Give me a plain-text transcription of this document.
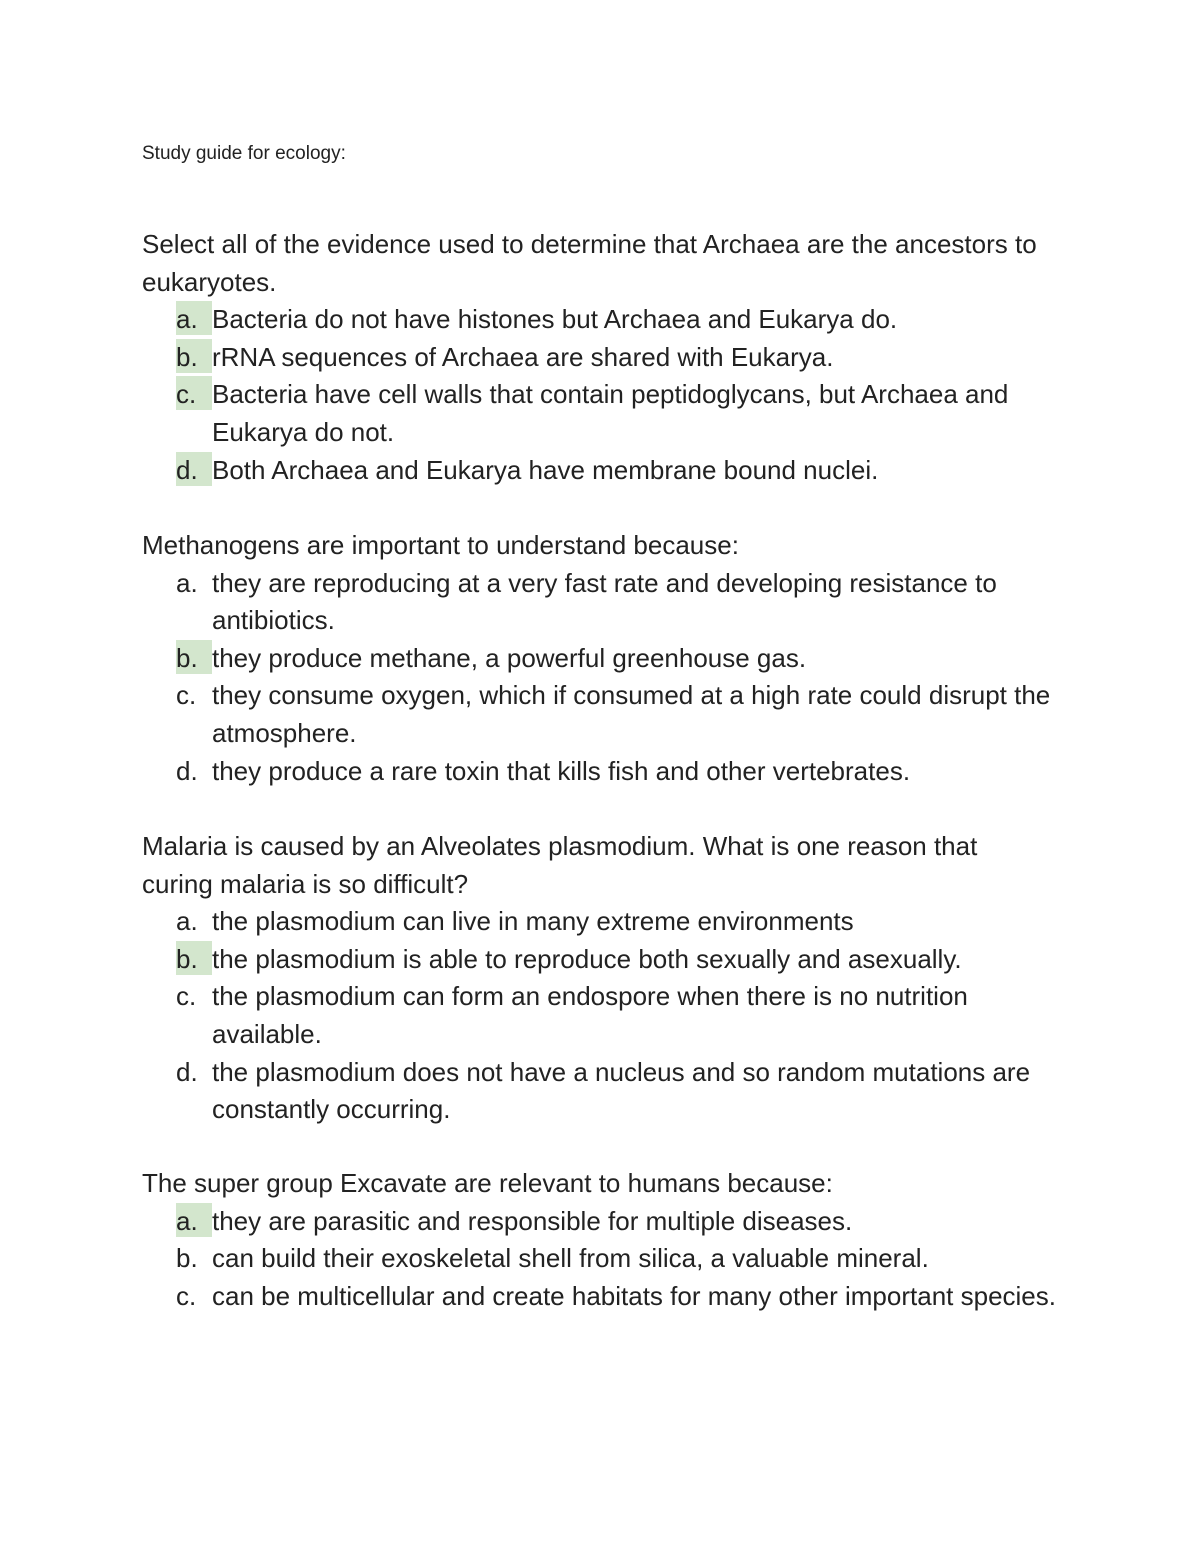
Study guide for ecology:

Select all of the evidence used to determine that Archaea are the ancestors to eukaryotes.

a. Bacteria do not have histones but Archaea and Eukarya do.
b. rRNA sequences of Archaea are shared with Eukarya.
c. Bacteria have cell walls that contain peptidoglycans, but Archaea and Eukarya do not.
d. Both Archaea and Eukarya have membrane bound nuclei.

Methanogens are important to understand because:

a. they are reproducing at a very fast rate and developing resistance to antibiotics.
b. they produce methane, a powerful greenhouse gas.
c. they consume oxygen, which if consumed at a high rate could disrupt the atmosphere.
d. they produce a rare toxin that kills fish and other vertebrates.

Malaria is caused by an Alveolates plasmodium. What is one reason that curing malaria is so difficult?

a. the plasmodium can live in many extreme environments
b. the plasmodium is able to reproduce both sexually and asexually.
c. the plasmodium can form an endospore when there is no nutrition available.
d. the plasmodium does not have a nucleus and so random mutations are constantly occurring.

The super group Excavate are relevant to humans because:

a. they are parasitic and responsible for multiple diseases.
b. can build their exoskeletal shell from silica, a valuable mineral.
c. can be multicellular and create habitats for many other important species.
